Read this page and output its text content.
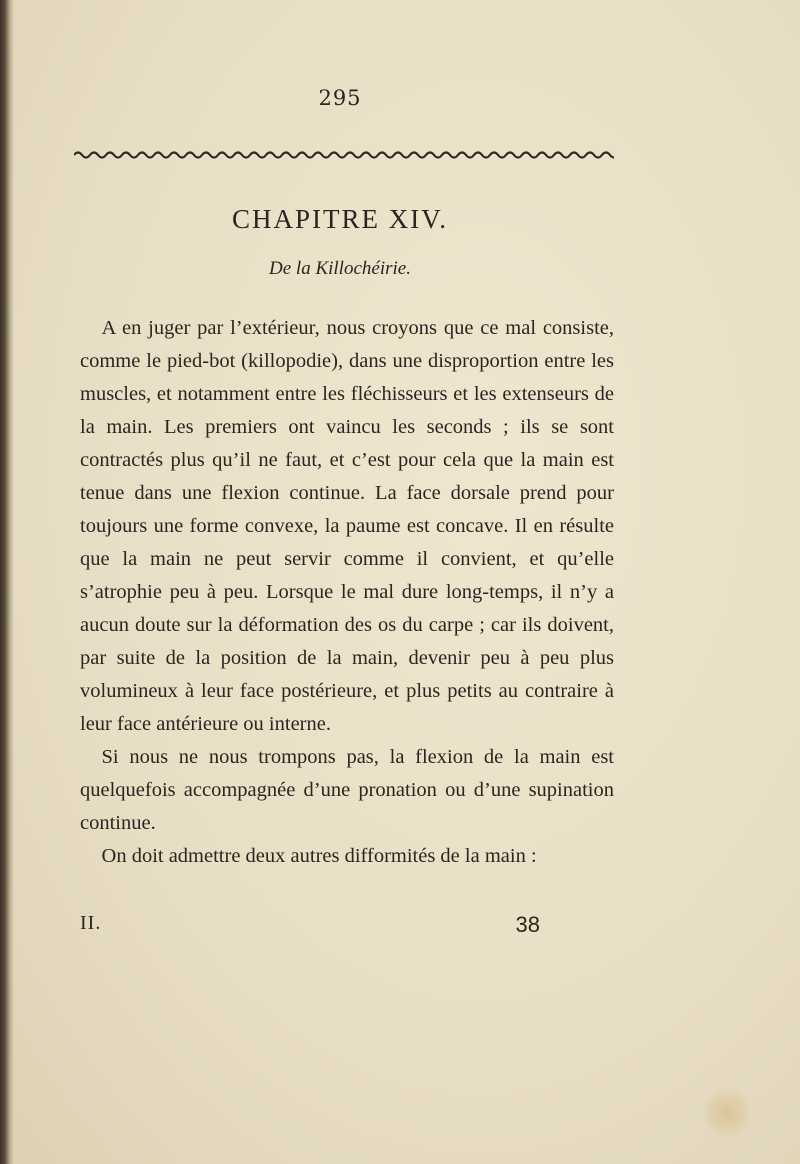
295
CHAPITRE XIV.
De la Killochéirie.

A en juger par l’extérieur, nous croyons que ce mal consiste, comme le pied-bot (killopodie), dans une disproportion entre les muscles, et notamment entre les fléchisseurs et les extenseurs de la main. Les premiers ont vaincu les seconds ; ils se sont contractés plus qu’il ne faut, et c’est pour cela que la main est tenue dans une flexion continue. La face dorsale prend pour toujours une forme convexe, la paume est concave. Il en résulte que la main ne peut servir comme il convient, et qu’elle s’atrophie peu à peu. Lorsque le mal dure long-temps, il n’y a aucun doute sur la déformation des os du carpe ; car ils doivent, par suite de la position de la main, devenir peu à peu plus volumineux à leur face postérieure, et plus petits au contraire à leur face antérieure ou interne.

Si nous ne nous trompons pas, la flexion de la main est quelquefois accompagnée d’une pronation ou d’une supination continue.

On doit admettre deux autres difformités de la main :

II.	38
